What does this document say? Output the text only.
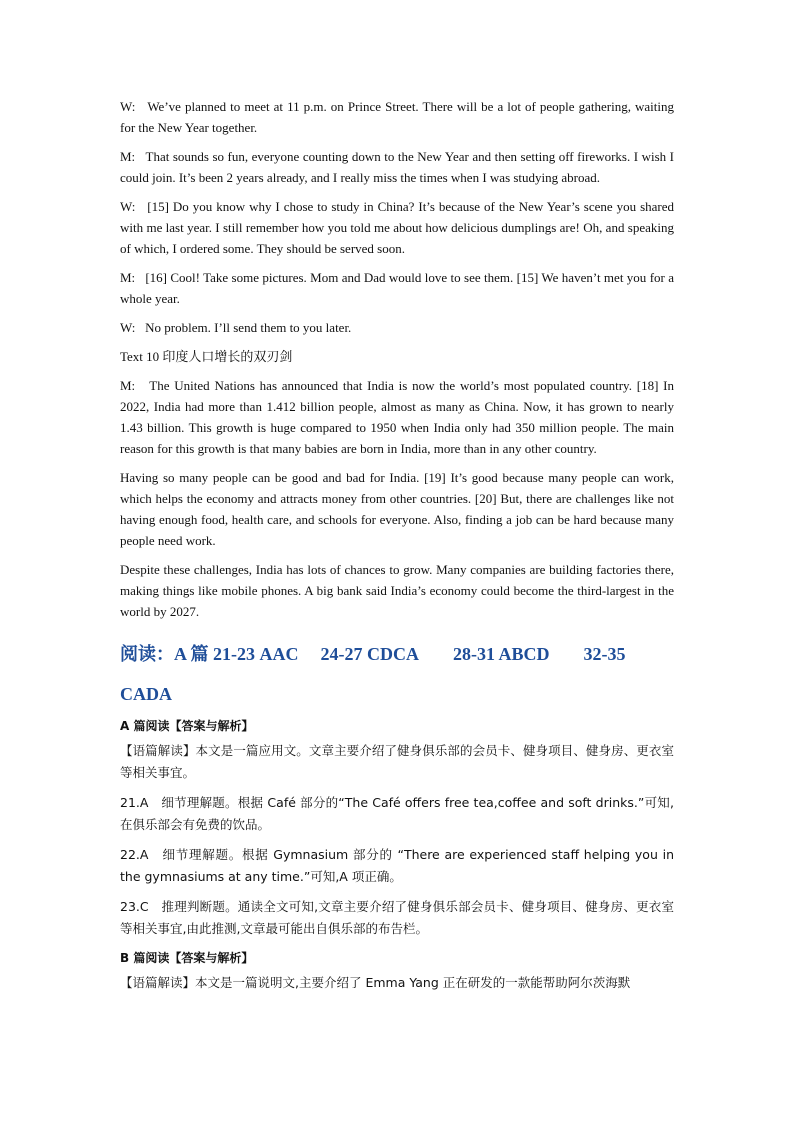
W: We’ve planned to meet at 11 p.m. on Prince Street. There will be a lot of people gathering, waiting for the New Year together.

M: That sounds so fun, everyone counting down to the New Year and then setting off fireworks. I wish I could join. It’s been 2 years already, and I really miss the times when I was studying abroad.

W: [15] Do you know why I chose to study in China? It’s because of the New Year’s scene you shared with me last year. I still remember how you told me about how delicious dumplings are! Oh, and speaking of which, I ordered some. They should be served soon.

M: [16] Cool! Take some pictures. Mom and Dad would love to see them. [15] We haven’t met you for a whole year.

W: No problem. I’ll send them to you later.

Text 10 印度人口增长的双刃剑

M: The United Nations has announced that India is now the world’s most populated country. [18] In 2022, India had more than 1.412 billion people, almost as many as China. Now, it has grown to nearly 1.43 billion. This growth is huge compared to 1950 when India only had 350 million people. The main reason for this growth is that many babies are born in India, more than in any other country.

Having so many people can be good and bad for India. [19] It’s good because many people can work, which helps the economy and attracts money from other countries. [20] But, there are challenges like not having enough food, health care, and schools for everyone. Also, finding a job can be hard because many people need work.

Despite these challenges, India has lots of chances to grow. Many companies are building factories there, making things like mobile phones. A big bank said India’s economy could become the third-largest in the world by 2027.

阅读：A 篇 21-23 AAC 24-27 CDCA 28-31 ABCD 32-35
CADA
A 篇阅读【答案与解析】

【语篇解读】本文是一篇应用文。文章主要介绍了健身俱乐部的会员卡、健身项目、健身房、更衣室等相关事宜。

21.A　细节理解题。根据 Café 部分的“The Café offers free tea,coffee and soft drinks.”可知,在俱乐部会有免费的饮品。

22.A　细节理解题。根据 Gymnasium 部分的 “There are experienced staff helping you in the gymnasiums at any time.”可知,A 项正确。

23.C　推理判断题。通读全文可知,文章主要介绍了健身俱乐部会员卡、健身项目、健身房、更衣室等相关事宜,由此推测,文章最可能出自俱乐部的布告栏。

B 篇阅读【答案与解析】

【语篇解读】本文是一篇说明文,主要介绍了 Emma Yang 正在研发的一款能帮助阿尔茨海默
